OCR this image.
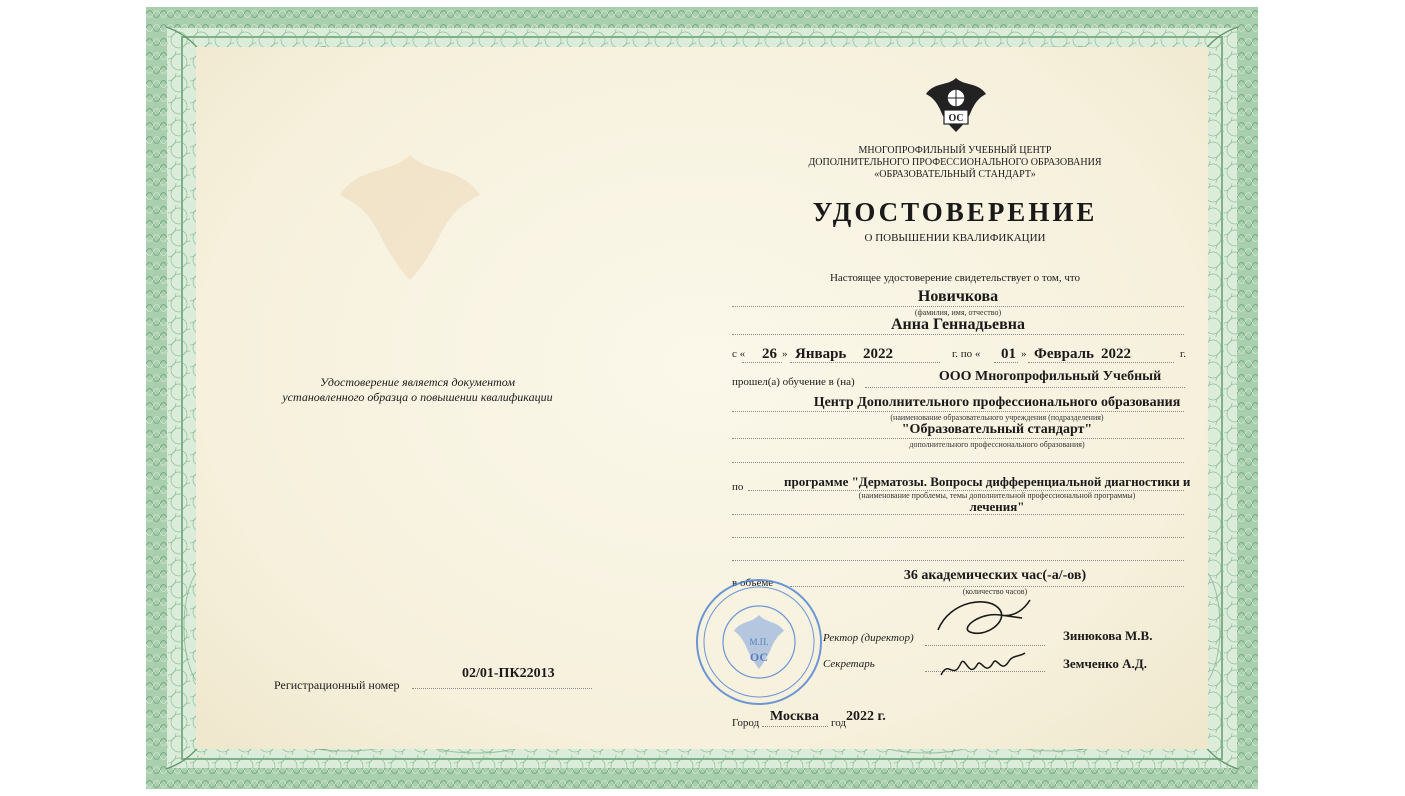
ОС
МНОГОПРОФИЛЬНЫЙ УЧЕБНЫЙ ЦЕНТР
ДОПОЛНИТЕЛЬНОГО ПРОФЕССИОНАЛЬНОГО ОБРАЗОВАНИЯ
«ОБРАЗОВАТЕЛЬНЫЙ СТАНДАРТ»
УДОСТОВЕРЕНИЕ
О ПОВЫШЕНИИ КВАЛИФИКАЦИИ
Настоящее удостоверение свидетельствует о том, что
Новичкова
(фамилия, имя, отчество)
Анна Геннадьевна
с « 26 » Январь 2022	г. по « 01 » Февраль 2022	г.
прошел(а) обучение в (на)	ООО Многопрофильный Учебный
Центр Дополнительного профессионального образования
(наименование образовательного учреждения (подразделения)
"Образовательный стандарт"
дополнительного профессионального образования)
по	программе "Дерматозы. Вопросы дифференциальной диагностики и
(наименование проблемы, темы дополнительной профессиональной программы)
лечения"
в объеме	36 академических час(-а/-ов)
(количество часов)
М.П.
ОС
Ректор (директор)	Зинюкова М.В.
Секретарь	Земченко А.Д.
Город Москва год 2022 г.
Удостоверение является документом
установленного образца о повышении квалификации
Регистрационный номер
02/01-ПК22013
